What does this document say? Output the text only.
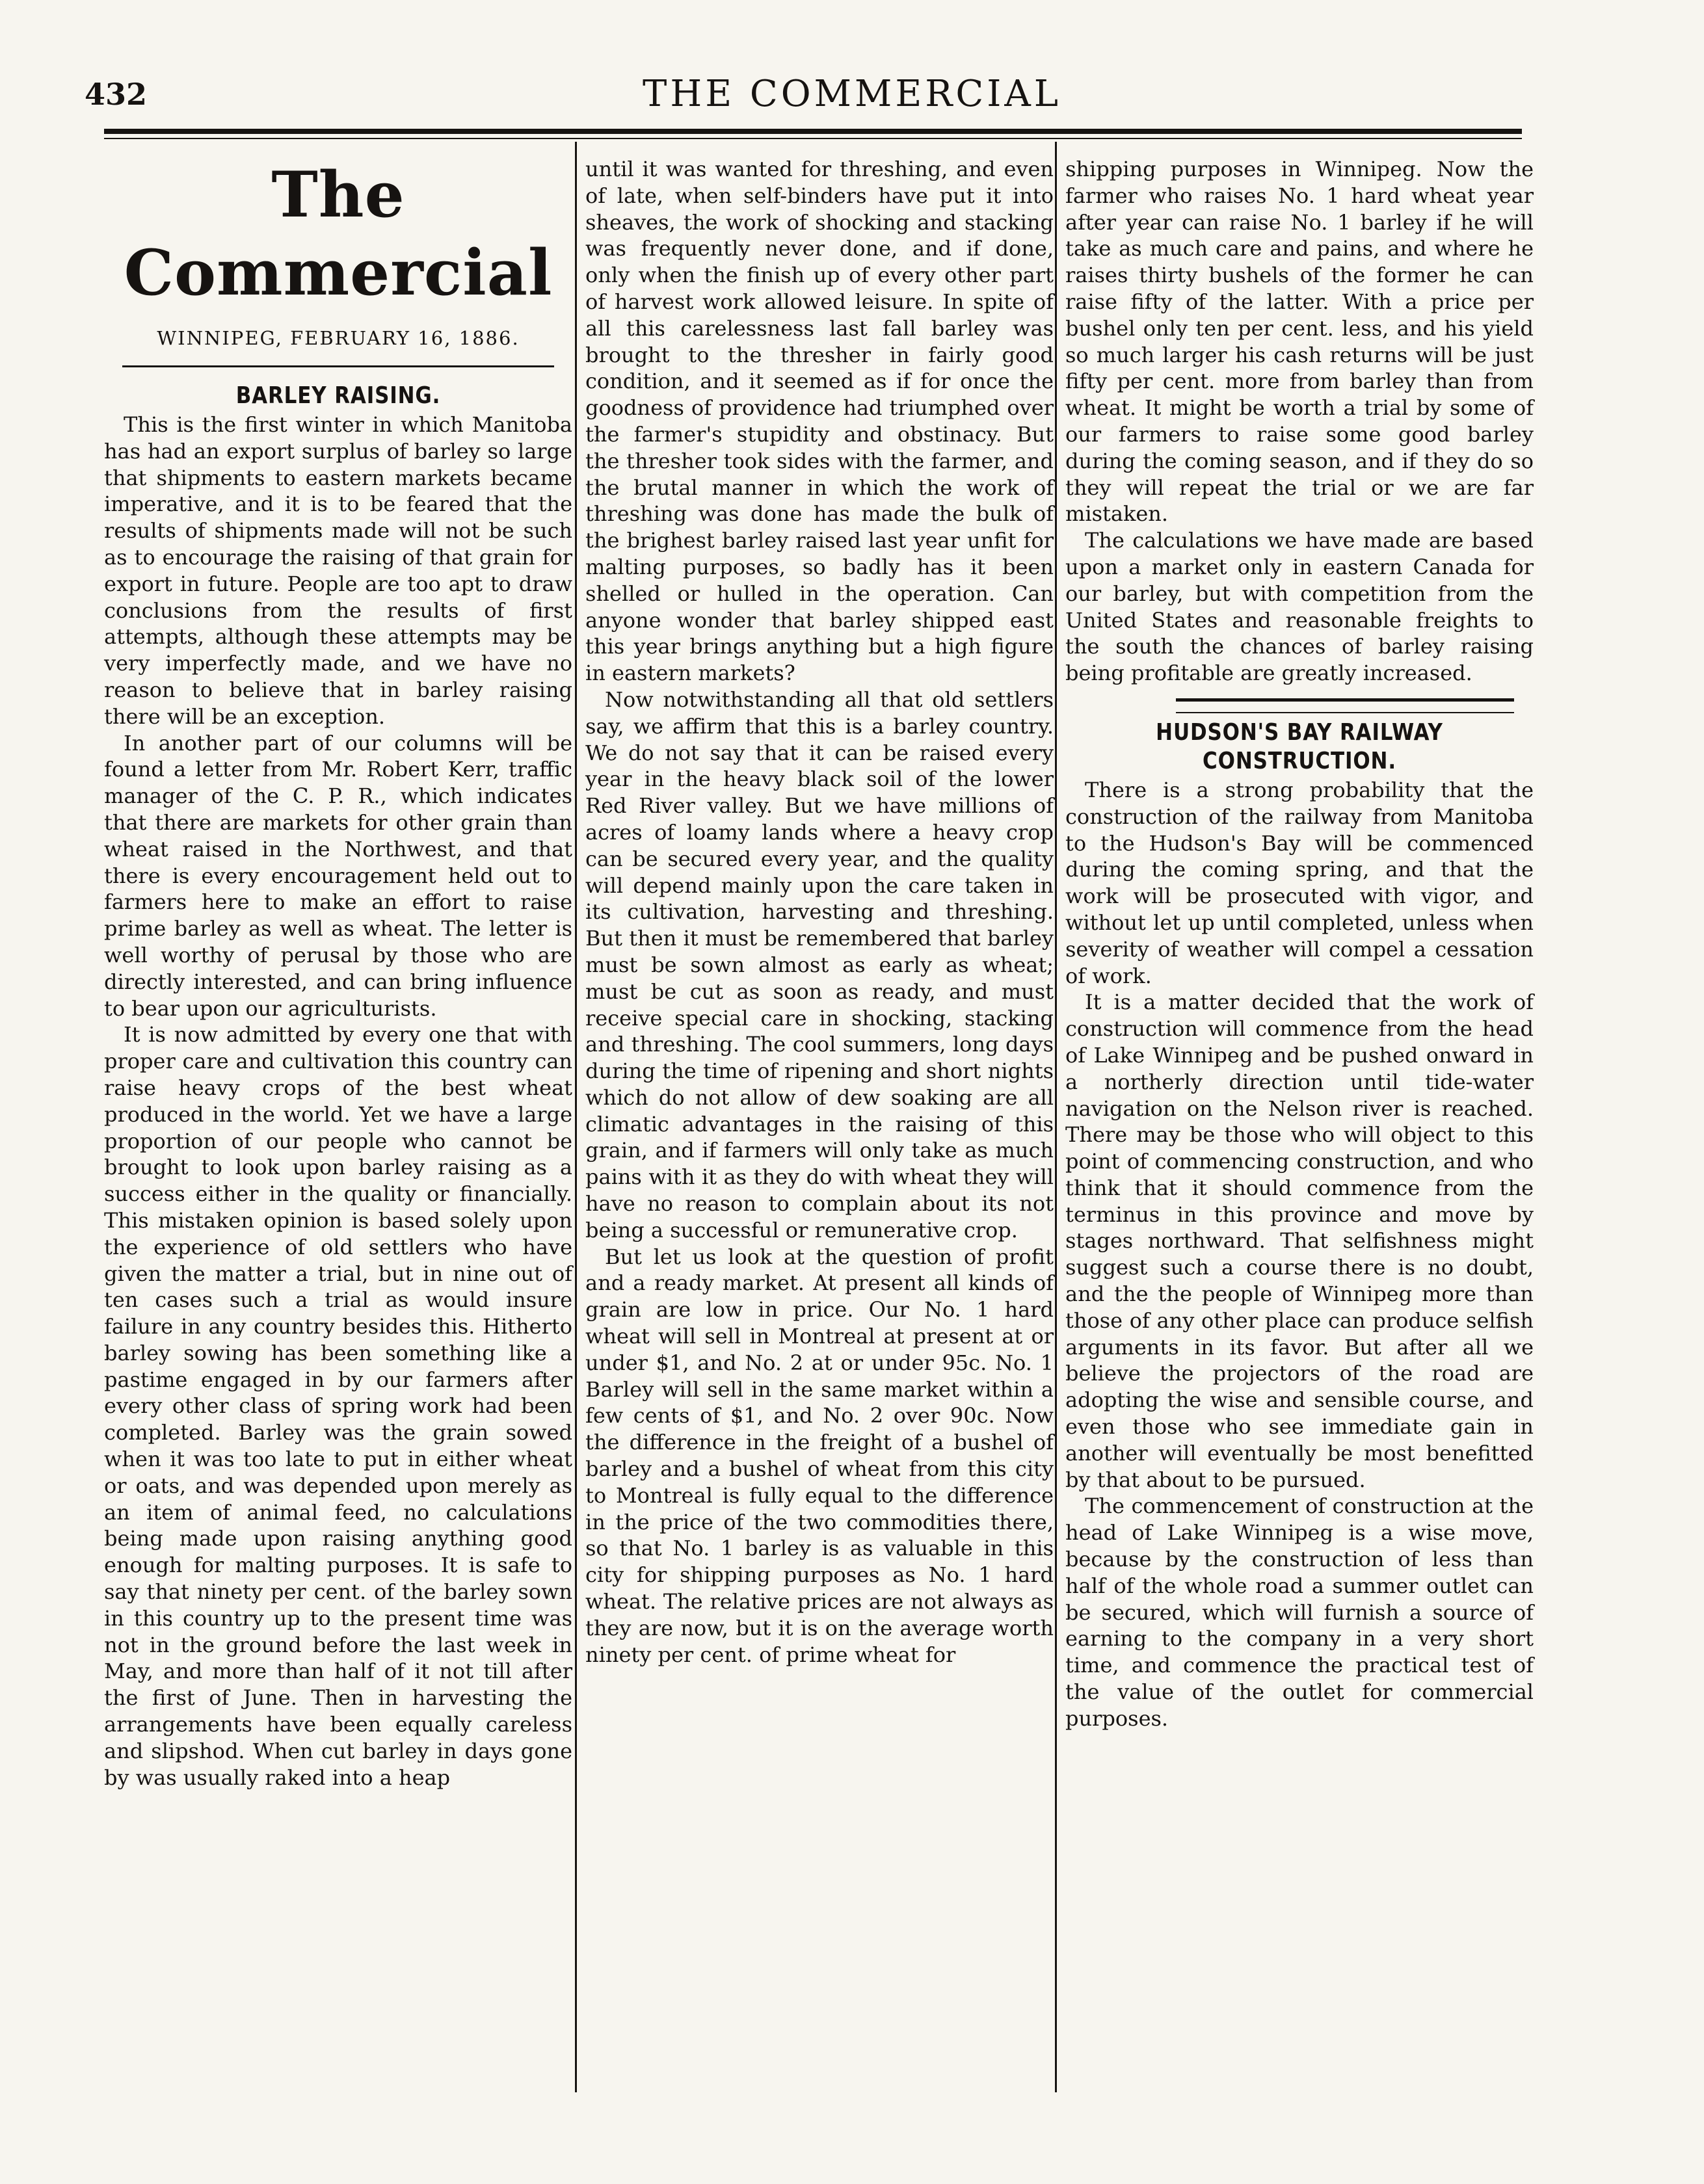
432	THE COMMERCIAL
The Commercial
WINNIPEG, FEBRUARY 16, 1886.
BARLEY RAISING.

This is the first winter in which Manitoba has had an export surplus of barley so large that shipments to eastern markets became imperative, and it is to be feared that the results of shipments made will not be such as to encourage the raising of that grain for export in future. People are too apt to draw conclusions from the results of first attempts, although these attempts may be very imperfectly made, and we have no reason to believe that in barley raising there will be an exception.

In another part of our columns will be found a letter from Mr. Robert Kerr, traffic manager of the C. P. R., which indicates that there are markets for other grain than wheat raised in the Northwest, and that there is every encouragement held out to farmers here to make an effort to raise prime barley as well as wheat. The letter is well worthy of perusal by those who are directly interested, and can bring influence to bear upon our agriculturists.

It is now admitted by every one that with proper care and cultivation this country can raise heavy crops of the best wheat produced in the world. Yet we have a large proportion of our people who cannot be brought to look upon barley raising as a success either in the quality or financially. This mistaken opinion is based solely upon the experience of old settlers who have given the matter a trial, but in nine out of ten cases such a trial as would insure failure in any country besides this. Hitherto barley sowing has been something like a pastime engaged in by our farmers after every other class of spring work had been completed. Barley was the grain sowed when it was too late to put in either wheat or oats, and was depended upon merely as an item of animal feed, no calculations being made upon raising anything good enough for malting purposes. It is safe to say that ninety per cent. of the barley sown in this country up to the present time was not in the ground before the last week in May, and more than half of it not till after the first of June. Then in harvesting the arrangements have been equally careless and slipshod. When cut barley in days gone by was usually raked into a heap

until it was wanted for threshing, and even of late, when self-binders have put it into sheaves, the work of shocking and stacking was frequently never done, and if done, only when the finish up of every other part of harvest work allowed leisure. In spite of all this carelessness last fall barley was brought to the thresher in fairly good condition, and it seemed as if for once the goodness of providence had triumphed over the farmer's stupidity and obstinacy. But the thresher took sides with the farmer, and the brutal manner in which the work of threshing was done has made the bulk of the brighest barley raised last year unfit for malting purposes, so badly has it been shelled or hulled in the operation. Can anyone wonder that barley shipped east this year brings anything but a high figure in eastern markets?

Now notwithstanding all that old settlers say, we affirm that this is a barley country. We do not say that it can be raised every year in the heavy black soil of the lower Red River valley. But we have millions of acres of loamy lands where a heavy crop can be secured every year, and the quality will depend mainly upon the care taken in its cultivation, harvesting and threshing. But then it must be remembered that barley must be sown almost as early as wheat; must be cut as soon as ready, and must receive special care in shocking, stacking and threshing. The cool summers, long days during the time of ripening and short nights which do not allow of dew soaking are all climatic advantages in the raising of this grain, and if farmers will only take as much pains with it as they do with wheat they will have no reason to complain about its not being a successful or remunerative crop.

But let us look at the question of profit and a ready market. At present all kinds of grain are low in price. Our No. 1 hard wheat will sell in Montreal at present at or under $1, and No. 2 at or under 95c. No. 1 Barley will sell in the same market within a few cents of $1, and No. 2 over 90c. Now the difference in the freight of a bushel of barley and a bushel of wheat from this city to Montreal is fully equal to the difference in the price of the two commodities there, so that No. 1 barley is as valuable in this city for shipping purposes as No. 1 hard wheat. The relative prices are not always as they are now, but it is on the average worth ninety per cent. of prime wheat for

shipping purposes in Winnipeg. Now the farmer who raises No. 1 hard wheat year after year can raise No. 1 barley if he will take as much care and pains, and where he raises thirty bushels of the former he can raise fifty of the latter. With a price per bushel only ten per cent. less, and his yield so much larger his cash returns will be just fifty per cent. more from barley than from wheat. It might be worth a trial by some of our farmers to raise some good barley during the coming season, and if they do so they will repeat the trial or we are far mistaken.

The calculations we have made are based upon a market only in eastern Canada for our barley, but with competition from the United States and reasonable freights to the south the chances of barley raising being profitable are greatly increased.

HUDSON'S BAY RAILWAY CONSTRUCTION.

There is a strong probability that the construction of the railway from Manitoba to the Hudson's Bay will be commenced during the coming spring, and that the work will be prosecuted with vigor, and without let up until completed, unless when severity of weather will compel a cessation of work.

It is a matter decided that the work of construction will commence from the head of Lake Winnipeg and be pushed onward in a northerly direction until tide-water navigation on the Nelson river is reached. There may be those who will object to this point of commencing construction, and who think that it should commence from the terminus in this province and move by stages northward. That selfishness might suggest such a course there is no doubt, and the the people of Winnipeg more than those of any other place can produce selfish arguments in its favor. But after all we believe the projectors of the road are adopting the wise and sensible course, and even those who see immediate gain in another will eventually be most benefitted by that about to be pursued.

The commencement of construction at the head of Lake Winnipeg is a wise move, because by the construction of less than half of the whole road a summer outlet can be secured, which will furnish a source of earning to the company in a very short time, and commence the practical test of the value of the outlet for commercial purposes.
